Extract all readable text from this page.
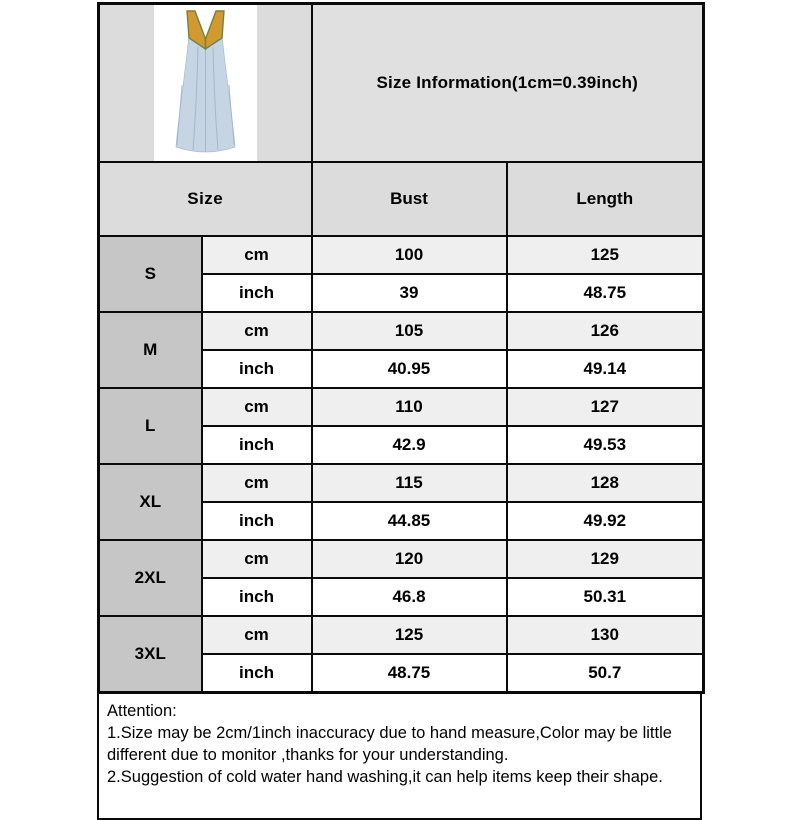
	Size Information(1cm=0.39inch)	
Size		Bust	Length
S	cm	100	125
	inch	39	48.75
M	cm	105	126
	inch	40.95	49.14
L	cm	110	127
	inch	42.9	49.53
XL	cm	115	128
	inch	44.85	49.92
2XL	cm	120	129
	inch	46.8	50.31
3XL	cm	125	130
	inch	48.75	50.7
Attention:
1.Size may be 2cm/1inch inaccuracy due to hand measure,Color may be little
different due to monitor ,thanks for your understanding.
2.Suggestion of cold water hand washing,it can help items keep their shape.
